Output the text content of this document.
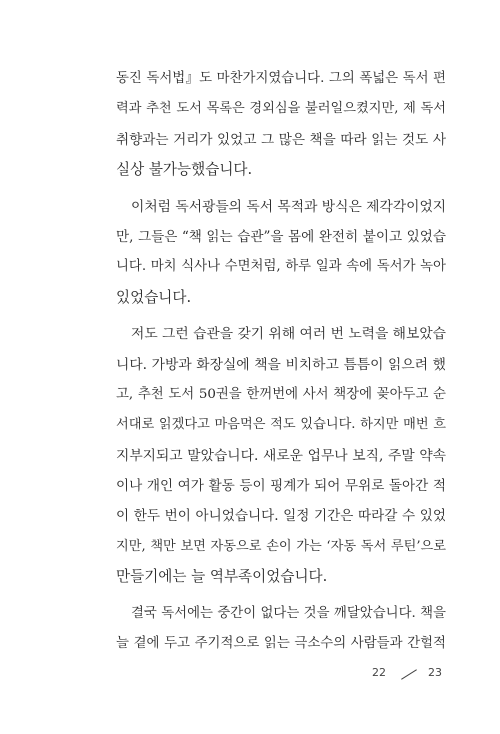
동진 독서법』도 마찬가지였습니다. 그의 폭넓은 독서 편
력과 추천 도서 목록은 경외심을 불러일으켰지만, 제 독서
취향과는 거리가 있었고 그 많은 책을 따라 읽는 것도 사
실상 불가능했습니다.
이처럼 독서광들의 독서 목적과 방식은 제각각이었지
만, 그들은 “책 읽는 습관”을 몸에 완전히 붙이고 있었습
니다. 마치 식사나 수면처럼, 하루 일과 속에 독서가 녹아
있었습니다.
저도 그런 습관을 갖기 위해 여러 번 노력을 해보았습
니다. 가방과 화장실에 책을 비치하고 틈틈이 읽으려 했
고, 추천 도서 50권을 한꺼번에 사서 책장에 꽂아두고 순
서대로 읽겠다고 마음먹은 적도 있습니다. 하지만 매번 흐
지부지되고 말았습니다. 새로운 업무나 보직, 주말 약속
이나 개인 여가 활동 등이 핑계가 되어 무위로 돌아간 적
이 한두 번이 아니었습니다. 일정 기간은 따라갈 수 있었
지만, 책만 보면 자동으로 손이 가는 ‘자동 독서 루틴’으로
만들기에는 늘 역부족이었습니다.
결국 독서에는 중간이 없다는 것을 깨달았습니다. 책을
늘 곁에 두고 주기적으로 읽는 극소수의 사람들과 간헐적
22	23
